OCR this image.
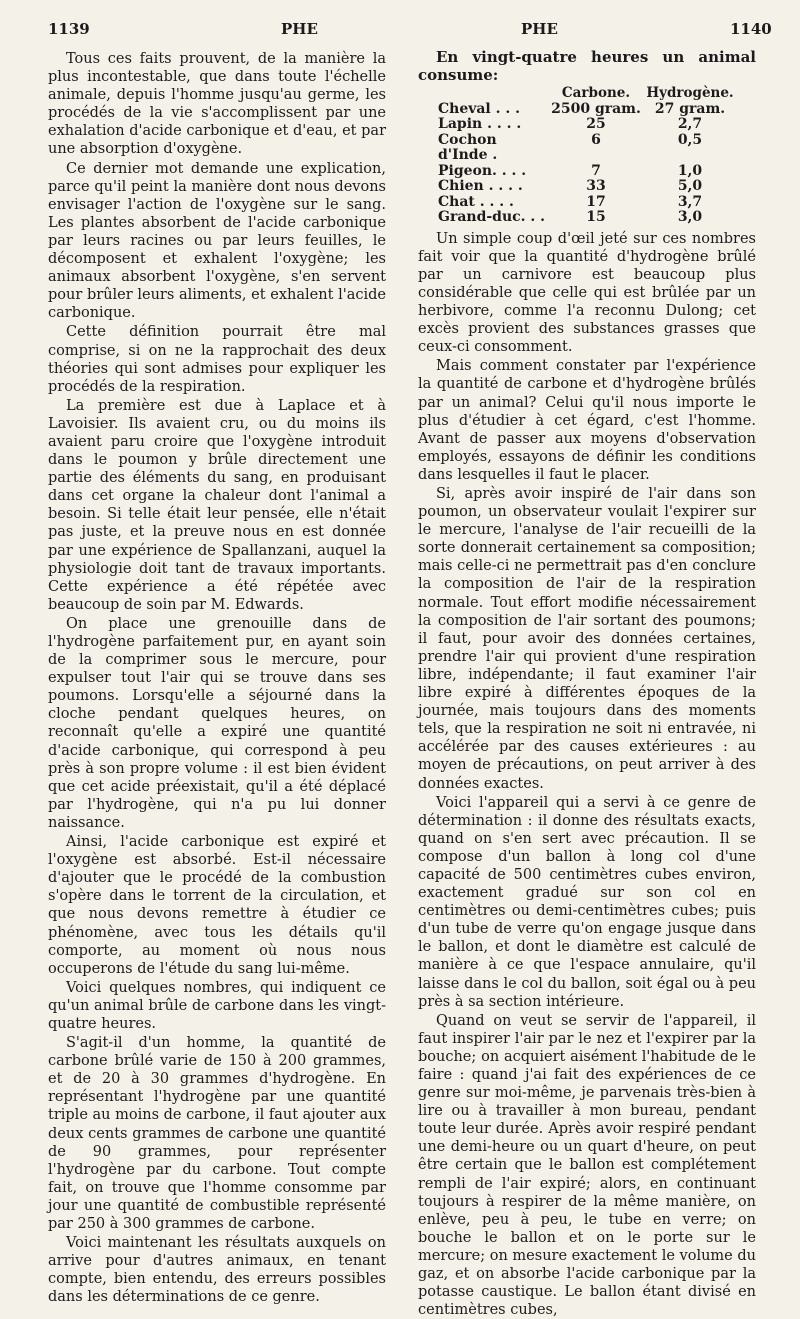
1139	PHE	PHE	1140

Tous ces faits prouvent, de la manière la plus incontestable, que dans toute l'échelle animale, depuis l'homme jusqu'au germe, les procédés de la vie s'accomplissent par une exhalation d'acide carbonique et d'eau, et par une absorption d'oxygène.

Ce dernier mot demande une explication, parce qu'il peint la manière dont nous devons envisager l'action de l'oxygène sur le sang. Les plantes absorbent de l'acide carbonique par leurs racines ou par leurs feuilles, le décomposent et exhalent l'oxygène; les animaux absorbent l'oxygène, s'en servent pour brûler leurs aliments, et exhalent l'acide carbonique.

Cette définition pourrait être mal comprise, si on ne la rapprochait des deux théories qui sont admises pour expliquer les procédés de la respiration.

La première est due à Laplace et à Lavoisier. Ils avaient cru, ou du moins ils avaient paru croire que l'oxygène introduit dans le poumon y brûle directement une partie des éléments du sang, en produisant dans cet organe la chaleur dont l'animal a besoin. Si telle était leur pensée, elle n'était pas juste, et la preuve nous en est donnée par une expérience de Spallanzani, auquel la physiologie doit tant de travaux importants. Cette expérience a été répétée avec beaucoup de soin par M. Edwards.

On place une grenouille dans de l'hydrogène parfaitement pur, en ayant soin de la comprimer sous le mercure, pour expulser tout l'air qui se trouve dans ses poumons. Lorsqu'elle a séjourné dans la cloche pendant quelques heures, on reconnaît qu'elle a expiré une quantité d'acide carbonique, qui correspond à peu près à son propre volume : il est bien évident que cet acide préexistait, qu'il a été déplacé par l'hydrogène, qui n'a pu lui donner naissance.

Ainsi, l'acide carbonique est expiré et l'oxygène est absorbé. Est-il nécessaire d'ajouter que le procédé de la combustion s'opère dans le torrent de la circulation, et que nous devons remettre à étudier ce phénomène, avec tous les détails qu'il comporte, au moment où nous nous occuperons de l'étude du sang lui-même.

Voici quelques nombres, qui indiquent ce qu'un animal brûle de carbone dans les vingt-quatre heures.

S'agit-il d'un homme, la quantité de carbone brûlé varie de 150 à 200 grammes, et de 20 à 30 grammes d'hydrogène. En représentant l'hydrogène par une quantité triple au moins de carbone, il faut ajouter aux deux cents grammes de carbone une quantité de 90 grammes, pour représenter l'hydrogène par du carbone. Tout compte fait, on trouve que l'homme consomme par jour une quantité de combustible représenté par 250 à 300 grammes de carbone.

Voici maintenant les résultats auxquels on arrive pour d'autres animaux, en tenant compte, bien entendu, des erreurs possibles dans les déterminations de ce genre.

En vingt-quatre heures un animal consume:

	Carbone.	Hydrogène.
Cheval . . .	2500 gram.	27 gram.
Lapin . . . .	25	2,7
Cochon d'Inde .	6	0,5
Pigeon. . . .	7	1,0
Chien . . . .	33	5,0
Chat . . . .	17	3,7
Grand-duc. . .	15	3,0

Un simple coup d'œil jeté sur ces nombres fait voir que la quantité d'hydrogène brûlé par un carnivore est beaucoup plus considérable que celle qui est brûlée par un herbivore, comme l'a reconnu Dulong; cet excès provient des substances grasses que ceux-ci consomment.

Mais comment constater par l'expérience la quantité de carbone et d'hydrogène brûlés par un animal? Celui qu'il nous importe le plus d'étudier à cet égard, c'est l'homme. Avant de passer aux moyens d'observation employés, essayons de définir les conditions dans lesquelles il faut le placer.

Si, après avoir inspiré de l'air dans son poumon, un observateur voulait l'expirer sur le mercure, l'analyse de l'air recueilli de la sorte donnerait certainement sa composition; mais celle-ci ne permettrait pas d'en conclure la composition de l'air de la respiration normale. Tout effort modifie nécessairement la composition de l'air sortant des poumons; il faut, pour avoir des données certaines, prendre l'air qui provient d'une respiration libre, indépendante; il faut examiner l'air libre expiré à différentes époques de la journée, mais toujours dans des moments tels, que la respiration ne soit ni entravée, ni accélérée par des causes extérieures : au moyen de précautions, on peut arriver à des données exactes.

Voici l'appareil qui a servi à ce genre de détermination : il donne des résultats exacts, quand on s'en sert avec précaution. Il se compose d'un ballon à long col d'une capacité de 500 centimètres cubes environ, exactement gradué sur son col en centimètres ou demi-centimètres cubes; puis d'un tube de verre qu'on engage jusque dans le ballon, et dont le diamètre est calculé de manière à ce que l'espace annulaire, qu'il laisse dans le col du ballon, soit égal ou à peu près à sa section intérieure.

Quand on veut se servir de l'appareil, il faut inspirer l'air par le nez et l'expirer par la bouche; on acquiert aisément l'habitude de le faire : quand j'ai fait des expériences de ce genre sur moi-même, je parvenais très-bien à lire ou à travailler à mon bureau, pendant toute leur durée. Après avoir respiré pendant une demi-heure ou un quart d'heure, on peut être certain que le ballon est complétement rempli de l'air expiré; alors, en continuant toujours à respirer de la même manière, on enlève, peu à peu, le tube en verre; on bouche le ballon et on le porte sur le mercure; on mesure exactement le volume du gaz, et on absorbe l'acide carbonique par la potasse caustique. Le ballon étant divisé en centimètres cubes,
